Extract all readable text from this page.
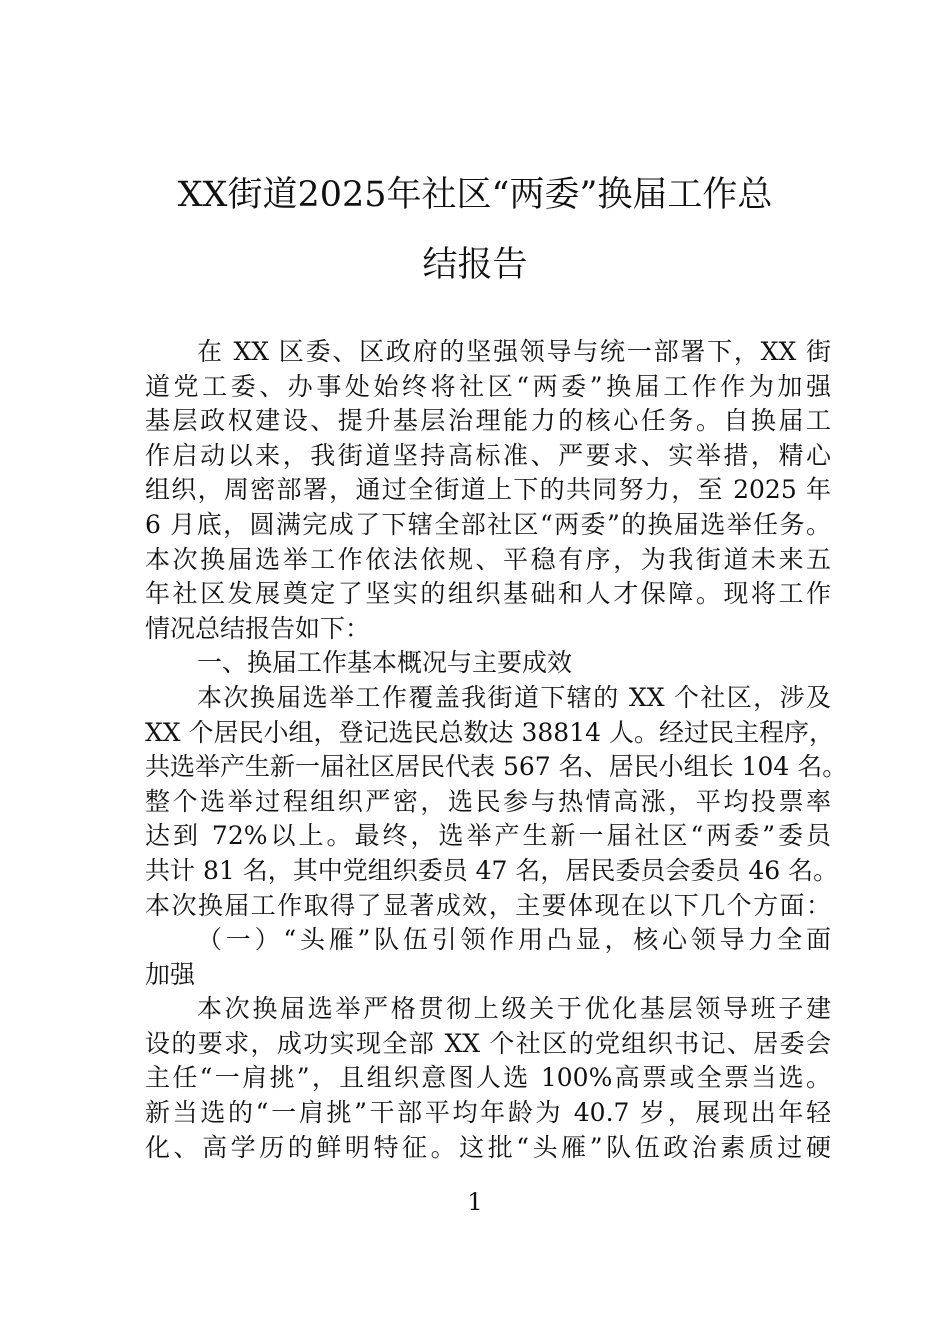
XX街道2025年社区“两委”换届工作总
结报告
在 XX 区委、区政府的坚强领导与统一部署下，XX 街
道党工委、办事处始终将社区“两委”换届工作作为加强
基层政权建设、提升基层治理能力的核心任务。自换届工
作启动以来，我街道坚持高标准、严要求、实举措，精心
组织，周密部署，通过全街道上下的共同努力，至 2025 年
6 月底，圆满完成了下辖全部社区“两委”的换届选举任务。
本次换届选举工作依法依规、平稳有序，为我街道未来五
年社区发展奠定了坚实的组织基础和人才保障。现将工作
情况总结报告如下：
一、换届工作基本概况与主要成效
本次换届选举工作覆盖我街道下辖的 XX 个社区，涉及
XX 个居民小组，登记选民总数达 38814 人。经过民主程序，
共选举产生新一届社区居民代表 567 名、居民小组长 104 名。
整个选举过程组织严密，选民参与热情高涨，平均投票率
达到 72%以上。最终，选举产生新一届社区“两委”委员
共计 81 名，其中党组织委员 47 名，居民委员会委员 46 名。
本次换届工作取得了显著成效，主要体现在以下几个方面：
（一）“头雁”队伍引领作用凸显，核心领导力全面
加强
本次换届选举严格贯彻上级关于优化基层领导班子建
设的要求，成功实现全部 XX 个社区的党组织书记、居委会
主任“一肩挑”，且组织意图人选 100%高票或全票当选。
新当选的“一肩挑”干部平均年龄为 40.7 岁，展现出年轻
化、高学历的鲜明特征。这批“头雁”队伍政治素质过硬
1
